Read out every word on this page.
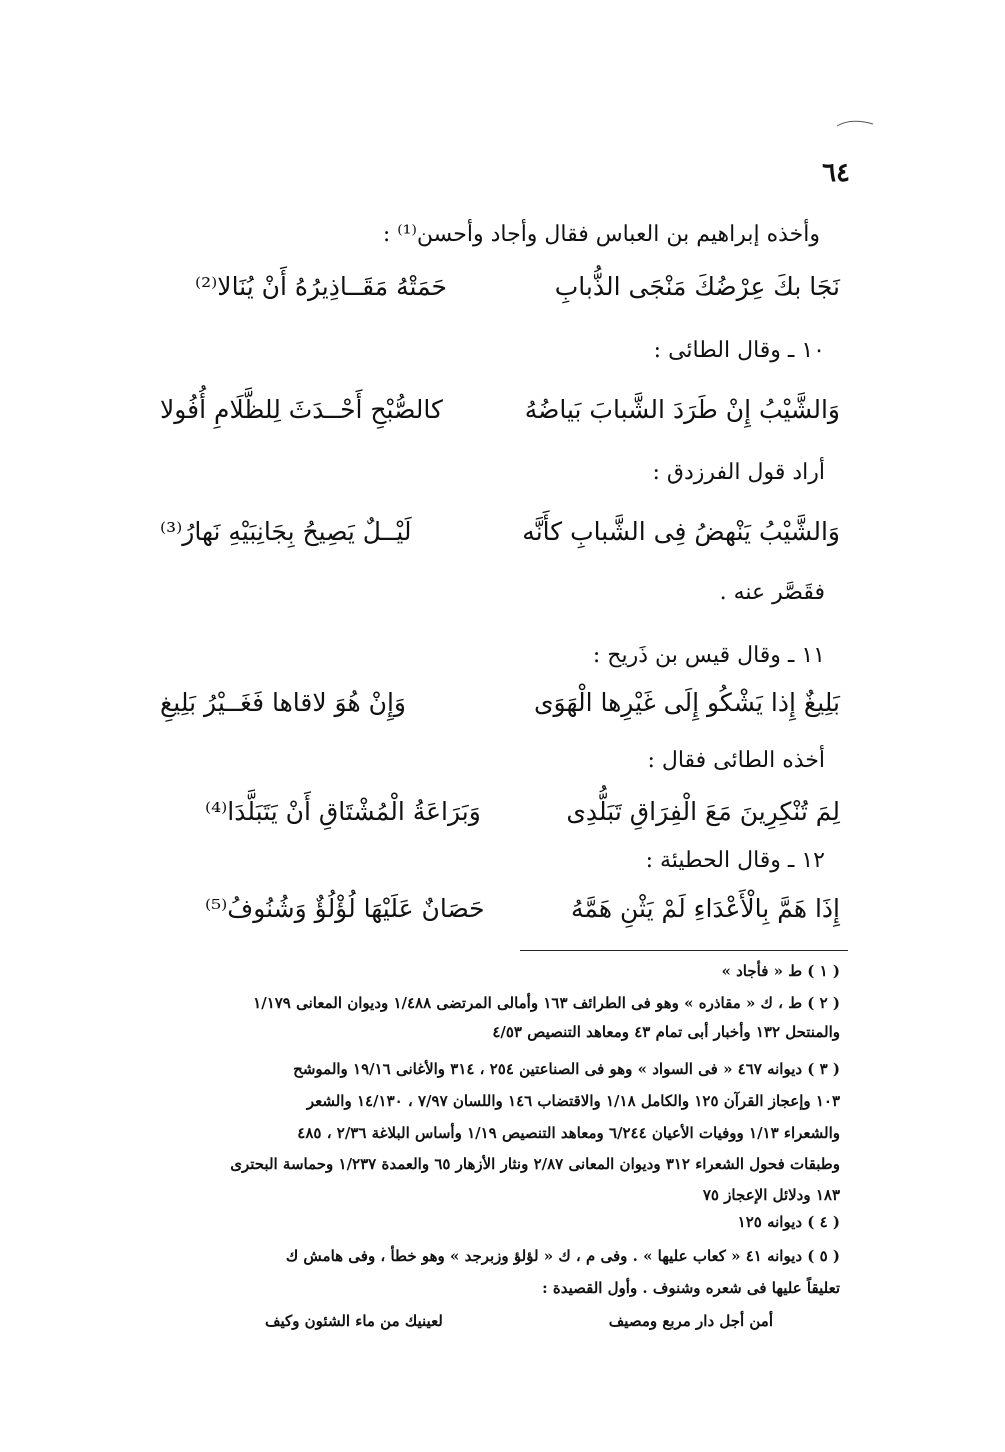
٦٤
وأخذه إبراهيم بن العباس فقال وأجاد وأحسن⁽¹⁾ :
نَجَا بكَ عِرْضُكَ مَنْجَى الذُّبابِ
حَمَتْهُ مَقَــاذِيرُهُ أَنْ يُنَالا⁽²⁾
١٠ ـ وقال الطائى :
وَالشَّيْبُ إِنْ طَرَدَ الشَّبابَ بَياضُهُ
كالصُّبْحِ أَحْــدَثَ لِلظَّلَامِ أُفُولا
أراد قول الفرزدق :
وَالشَّيْبُ يَنْهضُ فِى الشَّبابِ كأَنَّه
لَيْــلٌ يَصِيحُ بِجَانِبَيْهِ نَهارُ⁽³⁾
فقَصَّر عنه .
١١ ـ وقال قيس بن ذَريح :
بَلِيغٌ إِذا يَشْكُو إِلَى غَيْرِها الْهَوَى
وَإِنْ هُوَ لاقاها فَغَــيْرُ بَلِيغِ
أخذه الطائى فقال :
لِمَ تُنْكِرِينَ مَعَ الْفِرَاقِ تَبَلُّدِى
وَبَرَاعَةُ الْمُشْتَاقِ أَنْ يَتَبَلَّدَا⁽⁴⁾
١٢ ـ وقال الحطيئة :
إِذَا هَمَّ بِالْأَعْدَاءِ لَمْ يَثْنِ هَمَّهُ
حَصَانٌ عَلَيْهَا لُؤْلُؤٌ وَشُنُوفُ⁽⁵⁾
( ١ ) ط « فأجاد »
( ٢ ) ط ، ك « مقاذره » وهو فى الطرائف ١٦٣ وأمالى المرتضى ١/٤٨٨ وديوان المعانى ١/١٧٩
والمنتحل ١٣٢ وأخبار أبى تمام ٤٣ ومعاهد التنصيص ٤/٥٣
( ٣ ) ديوانه ٤٦٧ « فى السواد » وهو فى الصناعتين ٢٥٤ ، ٣١٤ والأغانى ١٩/١٦ والموشح
١٠٣ وإعجاز القرآن ١٢٥ والكامل ١/١٨ والاقتضاب ١٤٦ واللسان ٧/٩٧ ، ١٤/١٣٠ والشعر
والشعراء ١/١٣ ووفيات الأعيان ٦/٢٤٤ ومعاهد التنصيص ١/١٩ وأساس البلاغة ٢/٣٦ ، ٤٨٥
وطبقات فحول الشعراء ٣١٢ وديوان المعانى ٢/٨٧ ونثار الأزهار ٦٥ والعمدة ١/٢٣٧ وحماسة البحترى
١٨٣ ودلائل الإعجاز ٧٥
( ٤ ) ديوانه ١٢٥
( ٥ ) ديوانه ٤١ « كعاب عليها » . وفى م ، ك « لؤلؤ وزبرجد » وهو خطأ ، وفى هامش ك
تعليقاً عليها فى شعره وشنوف . وأول القصيدة :
أمن أجل دار مربع ومصيف
لعينيك من ماء الشئون وكيف
